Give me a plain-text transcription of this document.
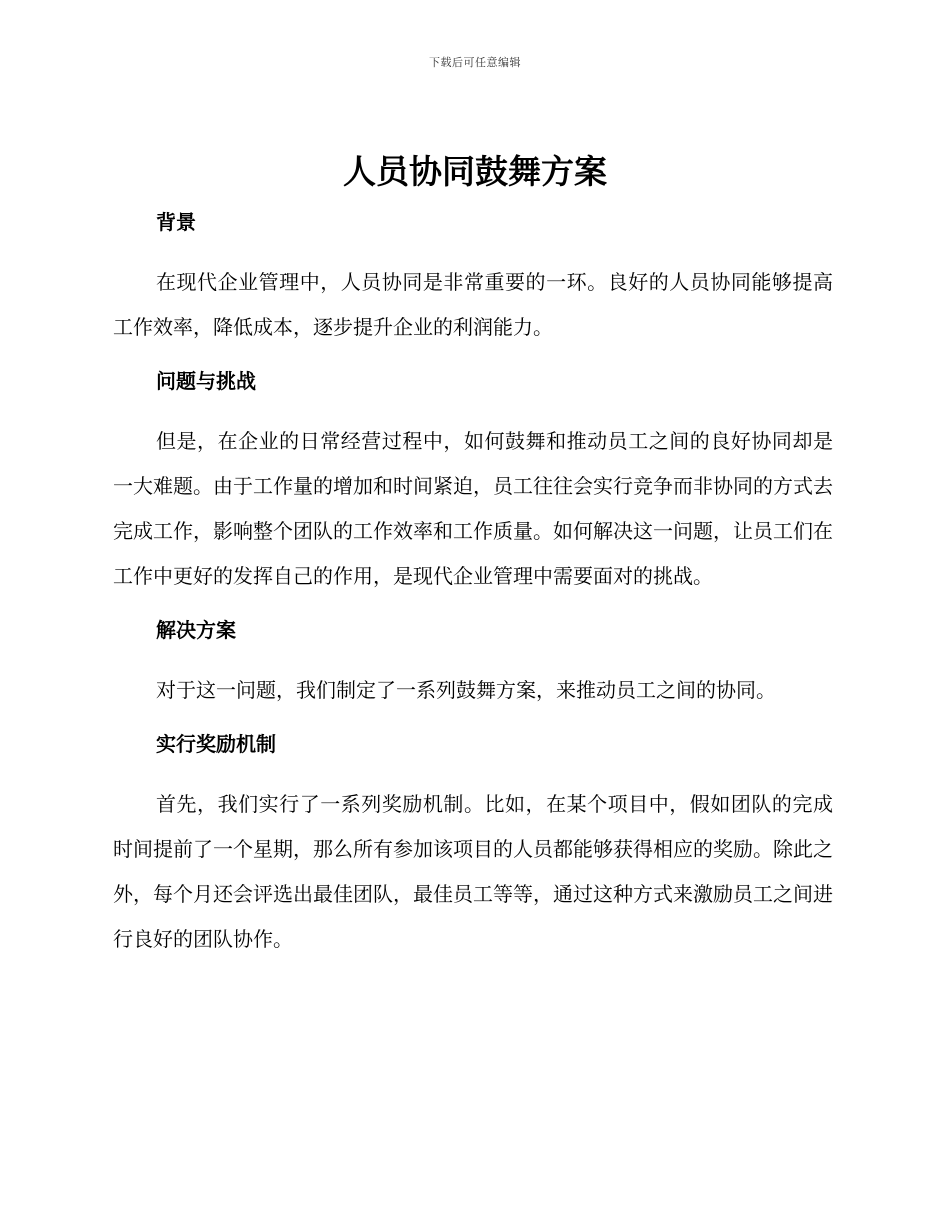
下载后可任意编辑
人员协同鼓舞方案
背景

在现代企业管理中，人员协同是非常重要的一环。良好的人员协同能够提高工作效率，降低成本，逐步提升企业的利润能力。

问题与挑战

但是，在企业的日常经营过程中，如何鼓舞和推动员工之间的良好协同却是一大难题。由于工作量的增加和时间紧迫，员工往往会实行竞争而非协同的方式去完成工作，影响整个团队的工作效率和工作质量。如何解决这一问题，让员工们在工作中更好的发挥自己的作用，是现代企业管理中需要面对的挑战。

解决方案

对于这一问题，我们制定了一系列鼓舞方案，来推动员工之间的协同。

实行奖励机制

首先，我们实行了一系列奖励机制。比如，在某个项目中，假如团队的完成时间提前了一个星期，那么所有参加该项目的人员都能够获得相应的奖励。除此之外，每个月还会评选出最佳团队，最佳员工等等，通过这种方式来激励员工之间进行良好的团队协作。
